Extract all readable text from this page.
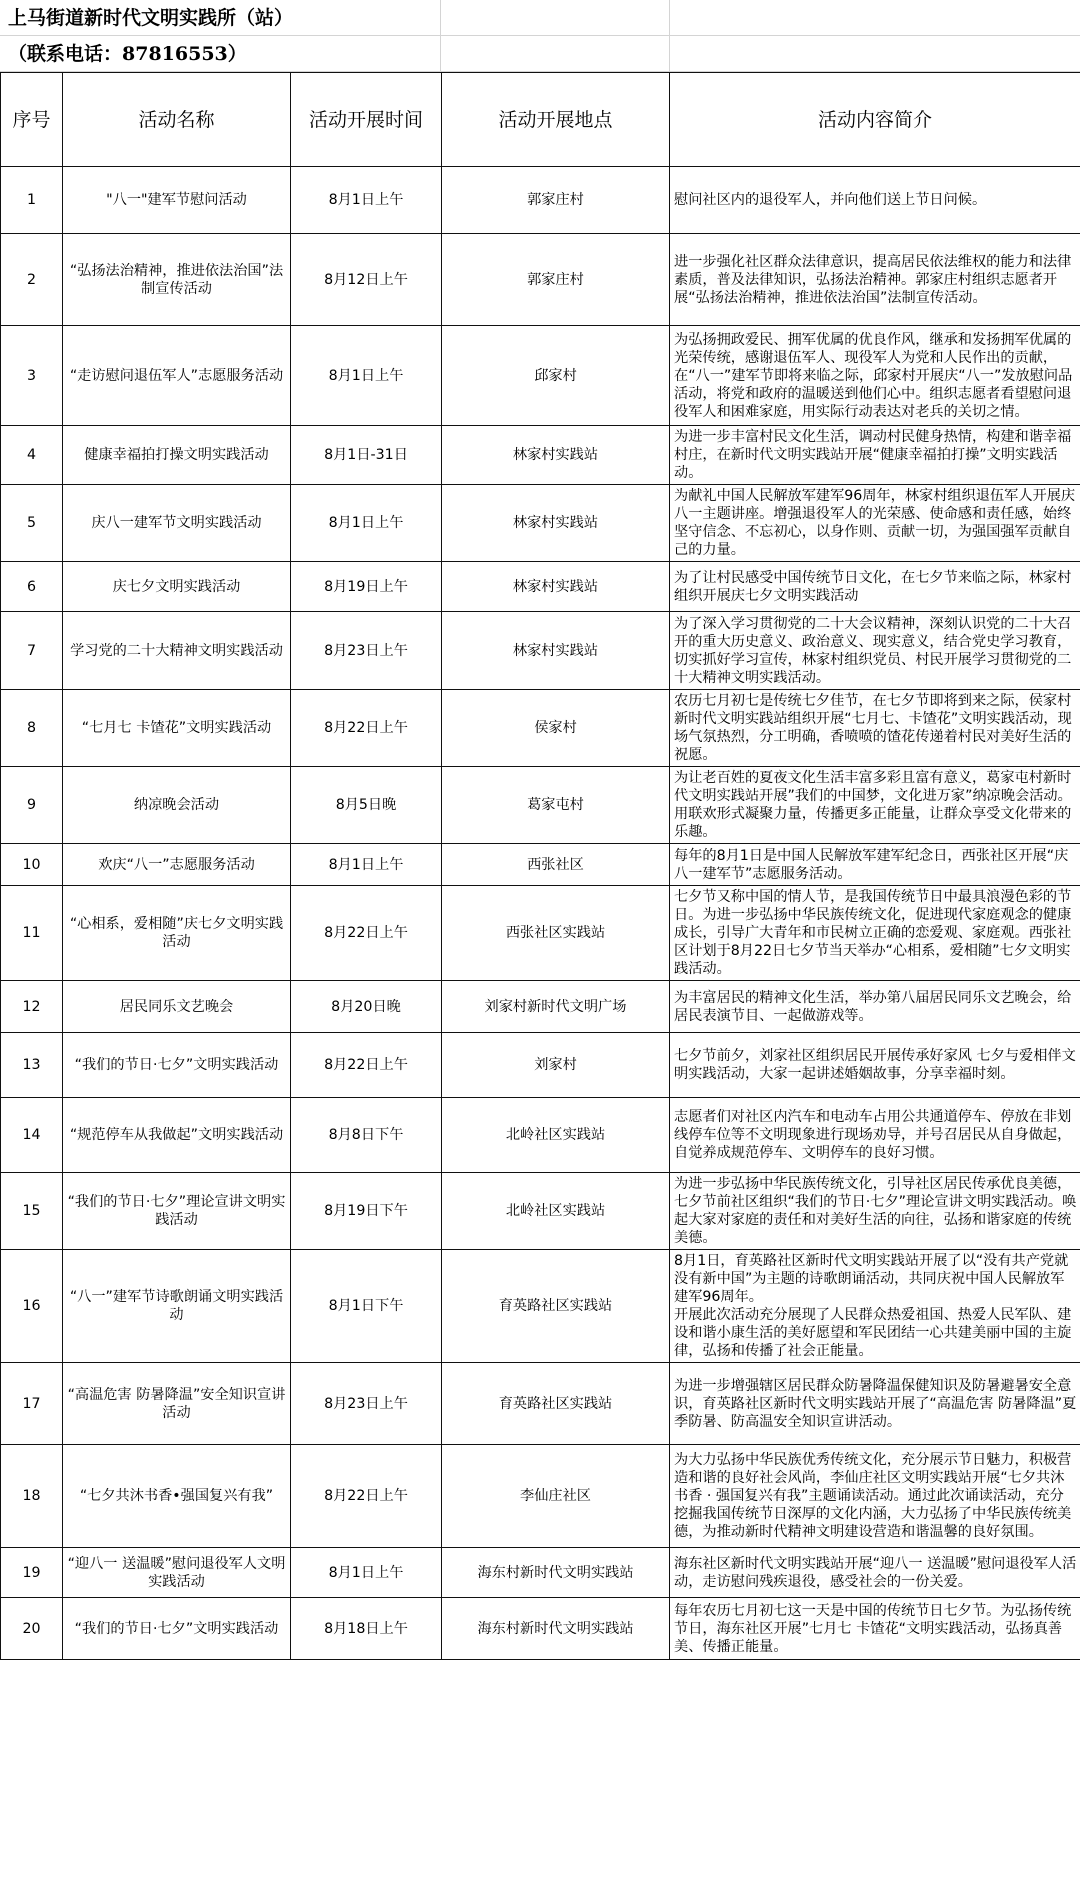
上马街道新时代文明实践所（站）
（联系电话：87816553）
序号	活动名称	活动开展时间	活动开展地点	活动内容简介
1	"八一"建军节慰问活动	8月1日上午	郭家庄村	慰问社区内的退役军人，并向他们送上节日问候。
2	“弘扬法治精神，推进依法治国”法制宣传活动	8月12日上午	郭家庄村	进一步强化社区群众法律意识，提高居民依法维权的能力和法律素质，普及法律知识，弘扬法治精神。郭家庄村组织志愿者开展“弘扬法治精神，推进依法治国”法制宣传活动。
3	“走访慰问退伍军人”志愿服务活动	8月1日上午	邱家村	为弘扬拥政爱民、拥军优属的优良作风，继承和发扬拥军优属的光荣传统，感谢退伍军人、现役军人为党和人民作出的贡献，在“八一”建军节即将来临之际，邱家村开展庆“八一”发放慰问品活动，将党和政府的温暖送到他们心中。组织志愿者看望慰问退役军人和困难家庭，用实际行动表达对老兵的关切之情。
4	健康幸福拍打操文明实践活动	8月1日-31日	林家村实践站	为进一步丰富村民文化生活，调动村民健身热情，构建和谐幸福村庄，在新时代文明实践站开展“健康幸福拍打操”文明实践活动。
5	庆八一建军节文明实践活动	8月1日上午	林家村实践站	为献礼中国人民解放军建军96周年，林家村组织退伍军人开展庆八一主题讲座。增强退役军人的光荣感、使命感和责任感，始终坚守信念、不忘初心，以身作则、贡献一切，为强国强军贡献自己的力量。
6	庆七夕文明实践活动	8月19日上午	林家村实践站	为了让村民感受中国传统节日文化，在七夕节来临之际，林家村组织开展庆七夕文明实践活动
7	学习党的二十大精神文明实践活动	8月23日上午	林家村实践站	为了深入学习贯彻党的二十大会议精神，深刻认识党的二十大召开的重大历史意义、政治意义、现实意义，结合党史学习教育，切实抓好学习宣传，林家村组织党员、村民开展学习贯彻党的二十大精神文明实践活动。
8	“七月七 卡馇花”文明实践活动	8月22日上午	侯家村	农历七月初七是传统七夕佳节，在七夕节即将到来之际，侯家村新时代文明实践站组织开展“七月七、卡馇花”文明实践活动，现场气氛热烈，分工明确，香喷喷的馇花传递着村民对美好生活的祝愿。
9	纳凉晚会活动	8月5日晚	葛家屯村	为让老百姓的夏夜文化生活丰富多彩且富有意义，葛家屯村新时代文明实践站开展”我们的中国梦，文化进万家”纳凉晚会活动。用联欢形式凝聚力量，传播更多正能量，让群众享受文化带来的乐趣。
10	欢庆“八一”志愿服务活动	8月1日上午	西张社区	每年的8月1日是中国人民解放军建军纪念日，西张社区开展“庆八一建军节”志愿服务活动。
11	“心相系，爱相随”庆七夕文明实践活动	8月22日上午	西张社区实践站	七夕节又称中国的情人节，是我国传统节日中最具浪漫色彩的节日。为进一步弘扬中华民族传统文化，促进现代家庭观念的健康成长，引导广大青年和市民树立正确的恋爱观、家庭观。西张社区计划于8月22日七夕节当天举办“心相系，爱相随”七夕文明实践活动。
12	居民同乐文艺晚会	8月20日晚	刘家村新时代文明广场	为丰富居民的精神文化生活，举办第八届居民同乐文艺晚会，给居民表演节目、一起做游戏等。
13	“我们的节日·七夕”文明实践活动	8月22日上午	刘家村	七夕节前夕，刘家社区组织居民开展传承好家风 七夕与爱相伴文明实践活动，大家一起讲述婚姻故事，分享幸福时刻。
14	“规范停车从我做起”文明实践活动	8月8日下午	北岭社区实践站	志愿者们对社区内汽车和电动车占用公共通道停车、停放在非划线停车位等不文明现象进行现场劝导，并号召居民从自身做起，自觉养成规范停车、文明停车的良好习惯。
15	“我们的节日·七夕”理论宣讲文明实践活动	8月19日下午	北岭社区实践站	为进一步弘扬中华民族传统文化，引导社区居民传承优良美德，七夕节前社区组织“我们的节日·七夕”理论宣讲文明实践活动。唤起大家对家庭的责任和对美好生活的向往，弘扬和谐家庭的传统美德。
16	“八一”建军节诗歌朗诵文明实践活动	8月1日下午	育英路社区实践站	8月1日，育英路社区新时代文明实践站开展了以“没有共产党就没有新中国”为主题的诗歌朗诵活动，共同庆祝中国人民解放军建军96周年。
开展此次活动充分展现了人民群众热爱祖国、热爱人民军队、建设和谐小康生活的美好愿望和军民团结一心共建美丽中国的主旋律，弘扬和传播了社会正能量。
17	“高温危害 防暑降温”安全知识宣讲活动	8月23日上午	育英路社区实践站	为进一步增强辖区居民群众防暑降温保健知识及防暑避暑安全意识，育英路社区新时代文明实践站开展了“高温危害 防暑降温”夏季防暑、防高温安全知识宣讲活动。
18	“七夕共沐书香•强国复兴有我”	8月22日上午	李仙庄社区	为大力弘扬中华民族优秀传统文化，充分展示节日魅力，积极营造和谐的良好社会风尚，李仙庄社区文明实践站开展“七夕共沐书香 · 强国复兴有我”主题诵读活动。通过此次诵读活动，充分挖掘我国传统节日深厚的文化内涵，大力弘扬了中华民族传统美德，为推动新时代精神文明建设营造和谐温馨的良好氛围。
19	“迎八一 送温暖”慰问退役军人文明实践活动	8月1日上午	海东村新时代文明实践站	海东社区新时代文明实践站开展“迎八一 送温暖”慰问退役军人活动，走访慰问残疾退役，感受社会的一份关爱。
20	“我们的节日·七夕”文明实践活动	8月18日上午	海东村新时代文明实践站	每年农历七月初七这一天是中国的传统节日七夕节。为弘扬传统节日，海东社区开展”七月七 卡馇花“文明实践活动，弘扬真善美、传播正能量。
